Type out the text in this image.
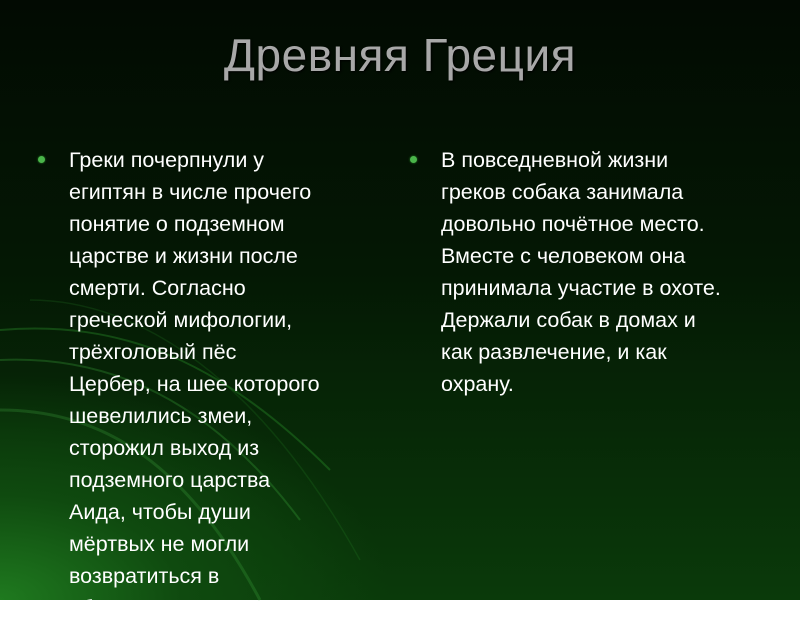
Древняя Греция
Греки почерпнули у
египтян в числе прочего
понятие о подземном
царстве и жизни после
смерти. Согласно
греческой мифологии,
трёхголовый пёс
Цербер, на шее которого
шевелились змеи,
сторожил выход из
подземного царства
Аида, чтобы души
мёртвых не могли
возвратиться в
общество живых.
В повседневной жизни
греков собака занимала
довольно почётное место.
Вместе с человеком она
принимала участие в охоте.
Держали собак в домах и
как развлечение, и как
охрану.
